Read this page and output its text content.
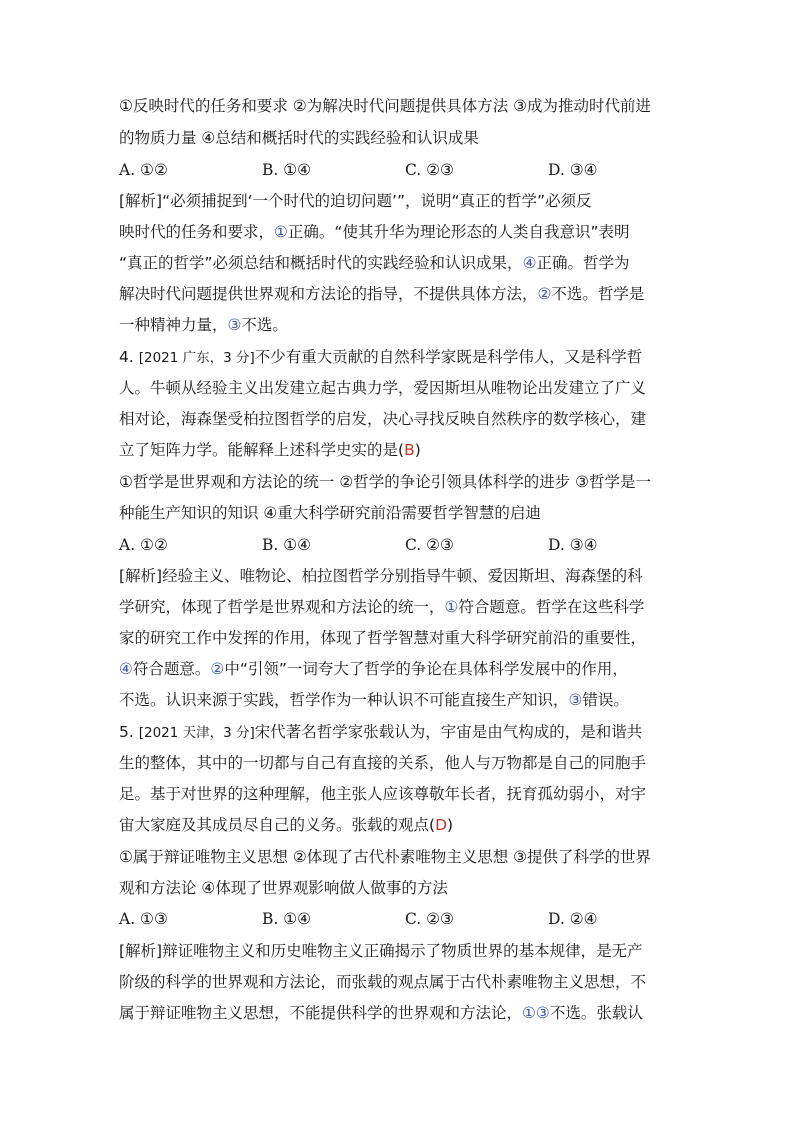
①反映时代的任务和要求 ②为解决时代问题提供具体方法 ③成为推动时代前进
的物质力量 ④总结和概括时代的实践经验和认识成果
A. ①②	B. ①④	C. ②③	D. ③④
[解析]“必须捕捉到‘一个时代的迫切问题’”，说明“真正的哲学”必须反
映时代的任务和要求，①正确。“使其升华为理论形态的人类自我意识”表明
“真正的哲学”必须总结和概括时代的实践经验和认识成果，④正确。哲学为
解决时代问题提供世界观和方法论的指导，不提供具体方法，②不选。哲学是
一种精神力量，③不选。
4. [2021 广东，3 分]不少有重大贡献的自然科学家既是科学伟人，又是科学哲
人。牛顿从经验主义出发建立起古典力学，爱因斯坦从唯物论出发建立了广义
相对论，海森堡受柏拉图哲学的启发，决心寻找反映自然秩序的数学核心，建
立了矩阵力学。能解释上述科学史实的是(B)
①哲学是世界观和方法论的统一 ②哲学的争论引领具体科学的进步 ③哲学是一
种能生产知识的知识 ④重大科学研究前沿需要哲学智慧的启迪
A. ①②	B. ①④	C. ②③	D. ③④
[解析]经验主义、唯物论、柏拉图哲学分别指导牛顿、爱因斯坦、海森堡的科
学研究，体现了哲学是世界观和方法论的统一，①符合题意。哲学在这些科学
家的研究工作中发挥的作用，体现了哲学智慧对重大科学研究前沿的重要性，
④符合题意。②中“引领”一词夸大了哲学的争论在具体科学发展中的作用，
不选。认识来源于实践，哲学作为一种认识不可能直接生产知识，③错误。
5. [2021 天津，3 分]宋代著名哲学家张载认为，宇宙是由气构成的，是和谐共
生的整体，其中的一切都与自己有直接的关系，他人与万物都是自己的同胞手
足。基于对世界的这种理解，他主张人应该尊敬年长者，抚育孤幼弱小，对宇
宙大家庭及其成员尽自己的义务。张载的观点(D)
①属于辩证唯物主义思想 ②体现了古代朴素唯物主义思想 ③提供了科学的世界
观和方法论 ④体现了世界观影响做人做事的方法
A. ①③	B. ①④	C. ②③	D. ②④
[解析]辩证唯物主义和历史唯物主义正确揭示了物质世界的基本规律，是无产
阶级的科学的世界观和方法论，而张载的观点属于古代朴素唯物主义思想，不
属于辩证唯物主义思想，不能提供科学的世界观和方法论，①③不选。张载认
